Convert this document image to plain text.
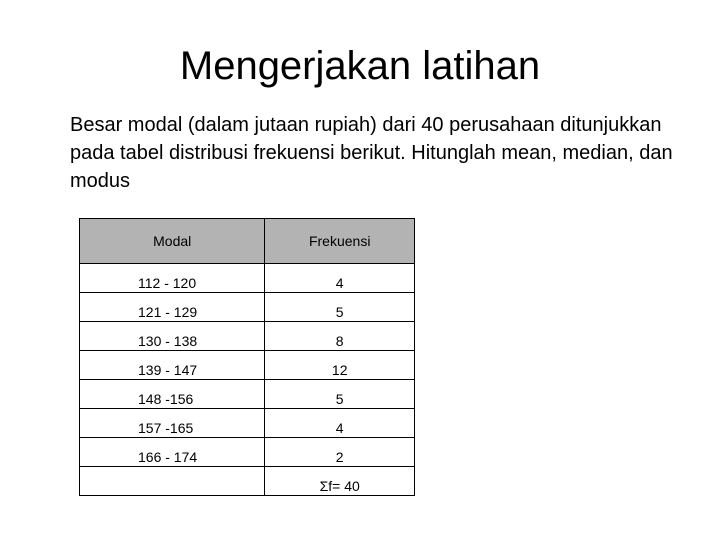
Mengerjakan latihan

Besar modal (dalam jutaan rupiah) dari 40 perusahaan ditunjukkan pada tabel distribusi frekuensi berikut. Hitunglah mean, median, dan modus

Modal	Frekuensi
112 - 120	4
121 - 129	5
130 - 138	8
139 - 147	12
148 -156	5
157 -165	4
166 - 174	2
	Σf= 40
